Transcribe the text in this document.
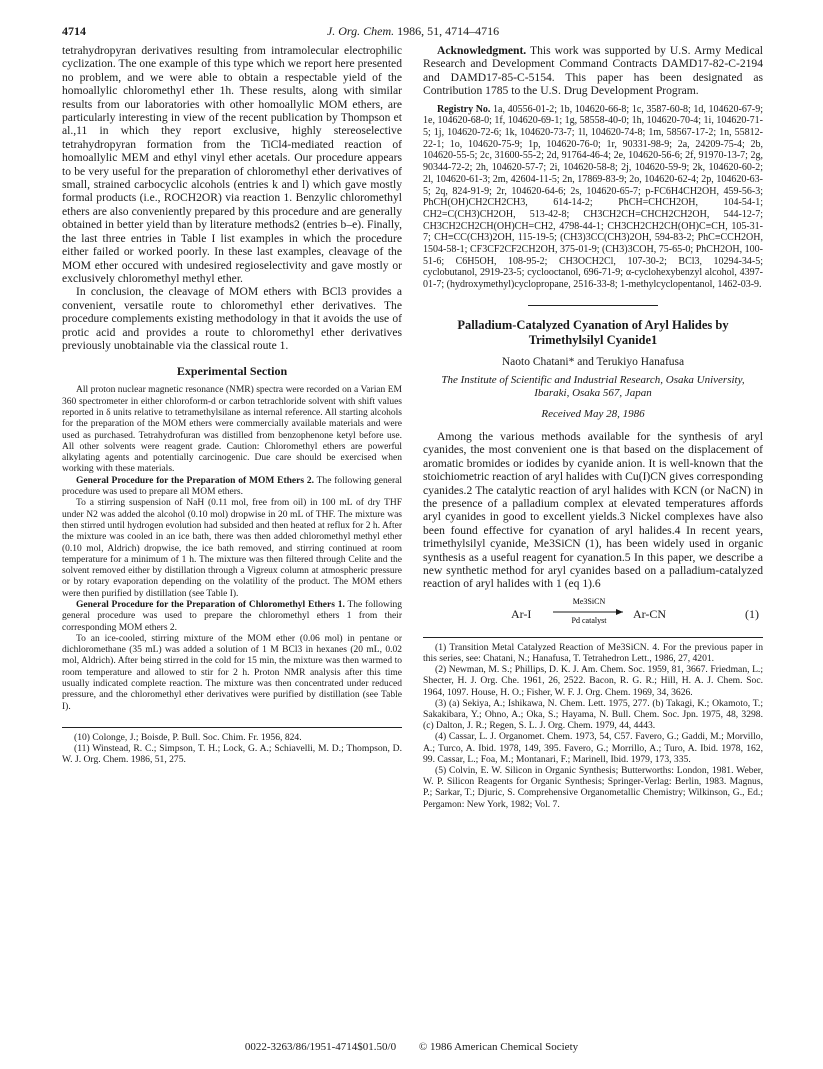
4714	J. Org. Chem. 1986, 51, 4714–4716

tetrahydropyran derivatives resulting from intramolecular electrophilic cyclization. The one example of this type which we report here presented no problem, and we were able to obtain a respectable yield of the homoallylic chloromethyl ether 1h. These results, along with similar results from our laboratories with other homoallylic MOM ethers, are particularly interesting in view of the recent publication by Thompson et al.,11 in which they report exclusive, highly stereoselective tetrahydropyran formation from the TiCl4-mediated reaction of homoallylic MEM and ethyl vinyl ether acetals. Our procedure appears to be very useful for the preparation of chloromethyl ether derivatives of small, strained carbocyclic alcohols (entries k and l) which gave mostly formal products (i.e., ROCH2OR) via reaction 1. Benzylic chloromethyl ethers are also conveniently prepared by this procedure and are generally obtained in better yield than by literature methods2 (entries b–e). Finally, the last three entries in Table I list examples in which the procedure either failed or worked poorly. In these last examples, cleavage of the MOM ether occured with undesired regioselectivity and gave mostly or exclusively chloromethyl methyl ether.

In conclusion, the cleavage of MOM ethers with BCl3 provides a convenient, versatile route to chloromethyl ether derivatives. The procedure complements existing methodology in that it avoids the use of protic acid and provides a route to chloromethyl ether derivatives previously unobtainable via the classical route 1.

Experimental Section

All proton nuclear magnetic resonance (NMR) spectra were recorded on a Varian EM 360 spectrometer in either chloroform-d or carbon tetrachloride solvent with shift values reported in δ units relative to tetramethylsilane as internal reference. All starting alcohols for the preparation of the MOM ethers were commercially available materials and were used as purchased. Tetrahydrofuran was distilled from benzophenone ketyl before use. All other solvents were reagent grade. Caution: Chloromethyl ethers are powerful alkylating agents and potentially carcinogenic. Due care should be exercised when working with these materials.

General Procedure for the Preparation of MOM Ethers 2. The following general procedure was used to prepare all MOM ethers.

To a stirring suspension of NaH (0.11 mol, free from oil) in 100 mL of dry THF under N2 was added the alcohol (0.10 mol) dropwise in 20 mL of THF. The mixture was then stirred until hydrogen evolution had subsided and then heated at reflux for 2 h. After the mixture was cooled in an ice bath, there was then added chloromethyl methyl ether (0.10 mol, Aldrich) dropwise, the ice bath removed, and stirring continued at room temperature for a minimum of 1 h. The mixture was then filtered through Celite and the solvent removed either by distillation through a Vigreux column at atmospheric pressure or by rotary evaporation depending on the volatility of the product. The MOM ethers were then purified by distillation (see Table I).

General Procedure for the Preparation of Chloromethyl Ethers 1. The following general procedure was used to prepare the chloromethyl ethers 1 from their corresponding MOM ethers 2.

To an ice-cooled, stirring mixture of the MOM ether (0.06 mol) in pentane or dichloromethane (35 mL) was added a solution of 1 M BCl3 in hexanes (20 mL, 0.02 mol, Aldrich). After being stirred in the cold for 15 min, the mixture was then warmed to room temperature and allowed to stir for 2 h. Proton NMR analysis after this time usually indicated complete reaction. The mixture was then concentrated under reduced pressure, and the chloromethyl ether derivatives were purified by distillation (see Table I).

(10) Colonge, J.; Boisde, P. Bull. Soc. Chim. Fr. 1956, 824.

(11) Winstead, R. C.; Simpson, T. H.; Lock, G. A.; Schiavelli, M. D.; Thompson, D. W. J. Org. Chem. 1986, 51, 275.

Acknowledgment. This work was supported by U.S. Army Medical Research and Development Command Contracts DAMD17-82-C-2194 and DAMD17-85-C-5154. This paper has been designated as Contribution 1785 to the U.S. Drug Development Program.

Registry No. 1a, 40556-01-2; 1b, 104620-66-8; 1c, 3587-60-8; 1d, 104620-67-9; 1e, 104620-68-0; 1f, 104620-69-1; 1g, 58558-40-0; 1h, 104620-70-4; 1i, 104620-71-5; 1j, 104620-72-6; 1k, 104620-73-7; 1l, 104620-74-8; 1m, 58567-17-2; 1n, 55812-22-1; 1o, 104620-75-9; 1p, 104620-76-0; 1r, 90331-98-9; 2a, 24209-75-4; 2b, 104620-55-5; 2c, 31600-55-2; 2d, 91764-46-4; 2e, 104620-56-6; 2f, 91970-13-7; 2g, 90344-72-2; 2h, 104620-57-7; 2i, 104620-58-8; 2j, 104620-59-9; 2k, 104620-60-2; 2l, 104620-61-3; 2m, 42604-11-5; 2n, 17869-83-9; 2o, 104620-62-4; 2p, 104620-63-5; 2q, 824-91-9; 2r, 104620-64-6; 2s, 104620-65-7; p-FC6H4CH2OH, 459-56-3; PhCH(OH)CH2CH2CH3, 614-14-2; PhCH=CHCH2OH, 104-54-1; CH2=C(CH3)CH2OH, 513-42-8; CH3CH2CH=CHCH2CH2OH, 544-12-7; CH3CH2CH2CH(OH)CH=CH2, 4798-44-1; CH3CH2CH2CH(OH)C≡CH, 105-31-7; CH≡CC(CH3)2OH, 115-19-5; (CH3)3CC(CH3)2OH, 594-83-2; PhC≡CCH2OH, 1504-58-1; CF3CF2CF2CH2OH, 375-01-9; (CH3)3COH, 75-65-0; PhCH2OH, 100-51-6; C6H5OH, 108-95-2; CH3OCH2Cl, 107-30-2; BCl3, 10294-34-5; cyclobutanol, 2919-23-5; cyclooctanol, 696-71-9; α-cyclohexybenzyl alcohol, 4397-01-7; (hydroxymethyl)cyclopropane, 2516-33-8; 1-methylcyclopentanol, 1462-03-9.

Palladium-Catalyzed Cyanation of Aryl Halides by Trimethylsilyl Cyanide1
Naoto Chatani* and Terukiyo Hanafusa
The Institute of Scientific and Industrial Research, Osaka University, Ibaraki, Osaka 567, Japan
Received May 28, 1986

Among the various methods available for the synthesis of aryl cyanides, the most convenient one is that based on the displacement of aromatic bromides or iodides by cyanide anion. It is well-known that the stoichiometric reaction of aryl halides with Cu(I)CN gives corresponding cyanides.2 The catalytic reaction of aryl halides with KCN (or NaCN) in the presence of a palladium complex at elevated temperatures affords aryl cyanides in good to excellent yields.3 Nickel complexes have also been found effective for cyanation of aryl halides.4 In recent years, trimethylsilyl cyanide, Me3SiCN (1), has been widely used in organic synthesis as a useful reagent for cyanation.5 In this paper, we describe a new synthetic method for aryl cyanides based on a palladium-catalyzed reaction of aryl halides with 1 (eq 1).6

Ar-I
Me3SiCN
Pd catalyst Ar-CN	(1)

(1) Transition Metal Catalyzed Reaction of Me3SiCN. 4. For the previous paper in this series, see: Chatani, N.; Hanafusa, T. Tetrahedron Lett., 1986, 27, 4201.

(2) Newman, M. S.; Phillips, D. K. J. Am. Chem. Soc. 1959, 81, 3667. Friedman, L.; Shecter, H. J. Org. Che. 1961, 26, 2522. Bacon, R. G. R.; Hill, H. A. J. Chem. Soc. 1964, 1097. House, H. O.; Fisher, W. F. J. Org. Chem. 1969, 34, 3626.

(3) (a) Sekiya, A.; Ishikawa, N. Chem. Lett. 1975, 277. (b) Takagi, K.; Okamoto, T.; Sakakibara, Y.; Ohno, A.; Oka, S.; Hayama, N. Bull. Chem. Soc. Jpn. 1975, 48, 3298. (c) Dalton, J. R.; Regen, S. L. J. Org. Chem. 1979, 44, 4443.

(4) Cassar, L. J. Organomet. Chem. 1973, 54, C57. Favero, G.; Gaddi, M.; Morvillo, A.; Turco, A. Ibid. 1978, 149, 395. Favero, G.; Morrillo, A.; Turo, A. Ibid. 1978, 162, 99. Cassar, L.; Foa, M.; Montanari, F.; Marinell, Ibid. 1979, 173, 335.

(5) Colvin, E. W. Silicon in Organic Synthesis; Butterworths: London, 1981. Weber, W. P. Silicon Reagents for Organic Synthesis; Springer-Verlag: Berlin, 1983. Magnus, P.; Sarkar, T.; Djuric, S. Comprehensive Organometallic Chemistry; Wilkinson, G., Ed.; Pergamon: New York, 1982; Vol. 7.

0022-3263/86/1951-4714$01.50/0 © 1986 American Chemical Society
